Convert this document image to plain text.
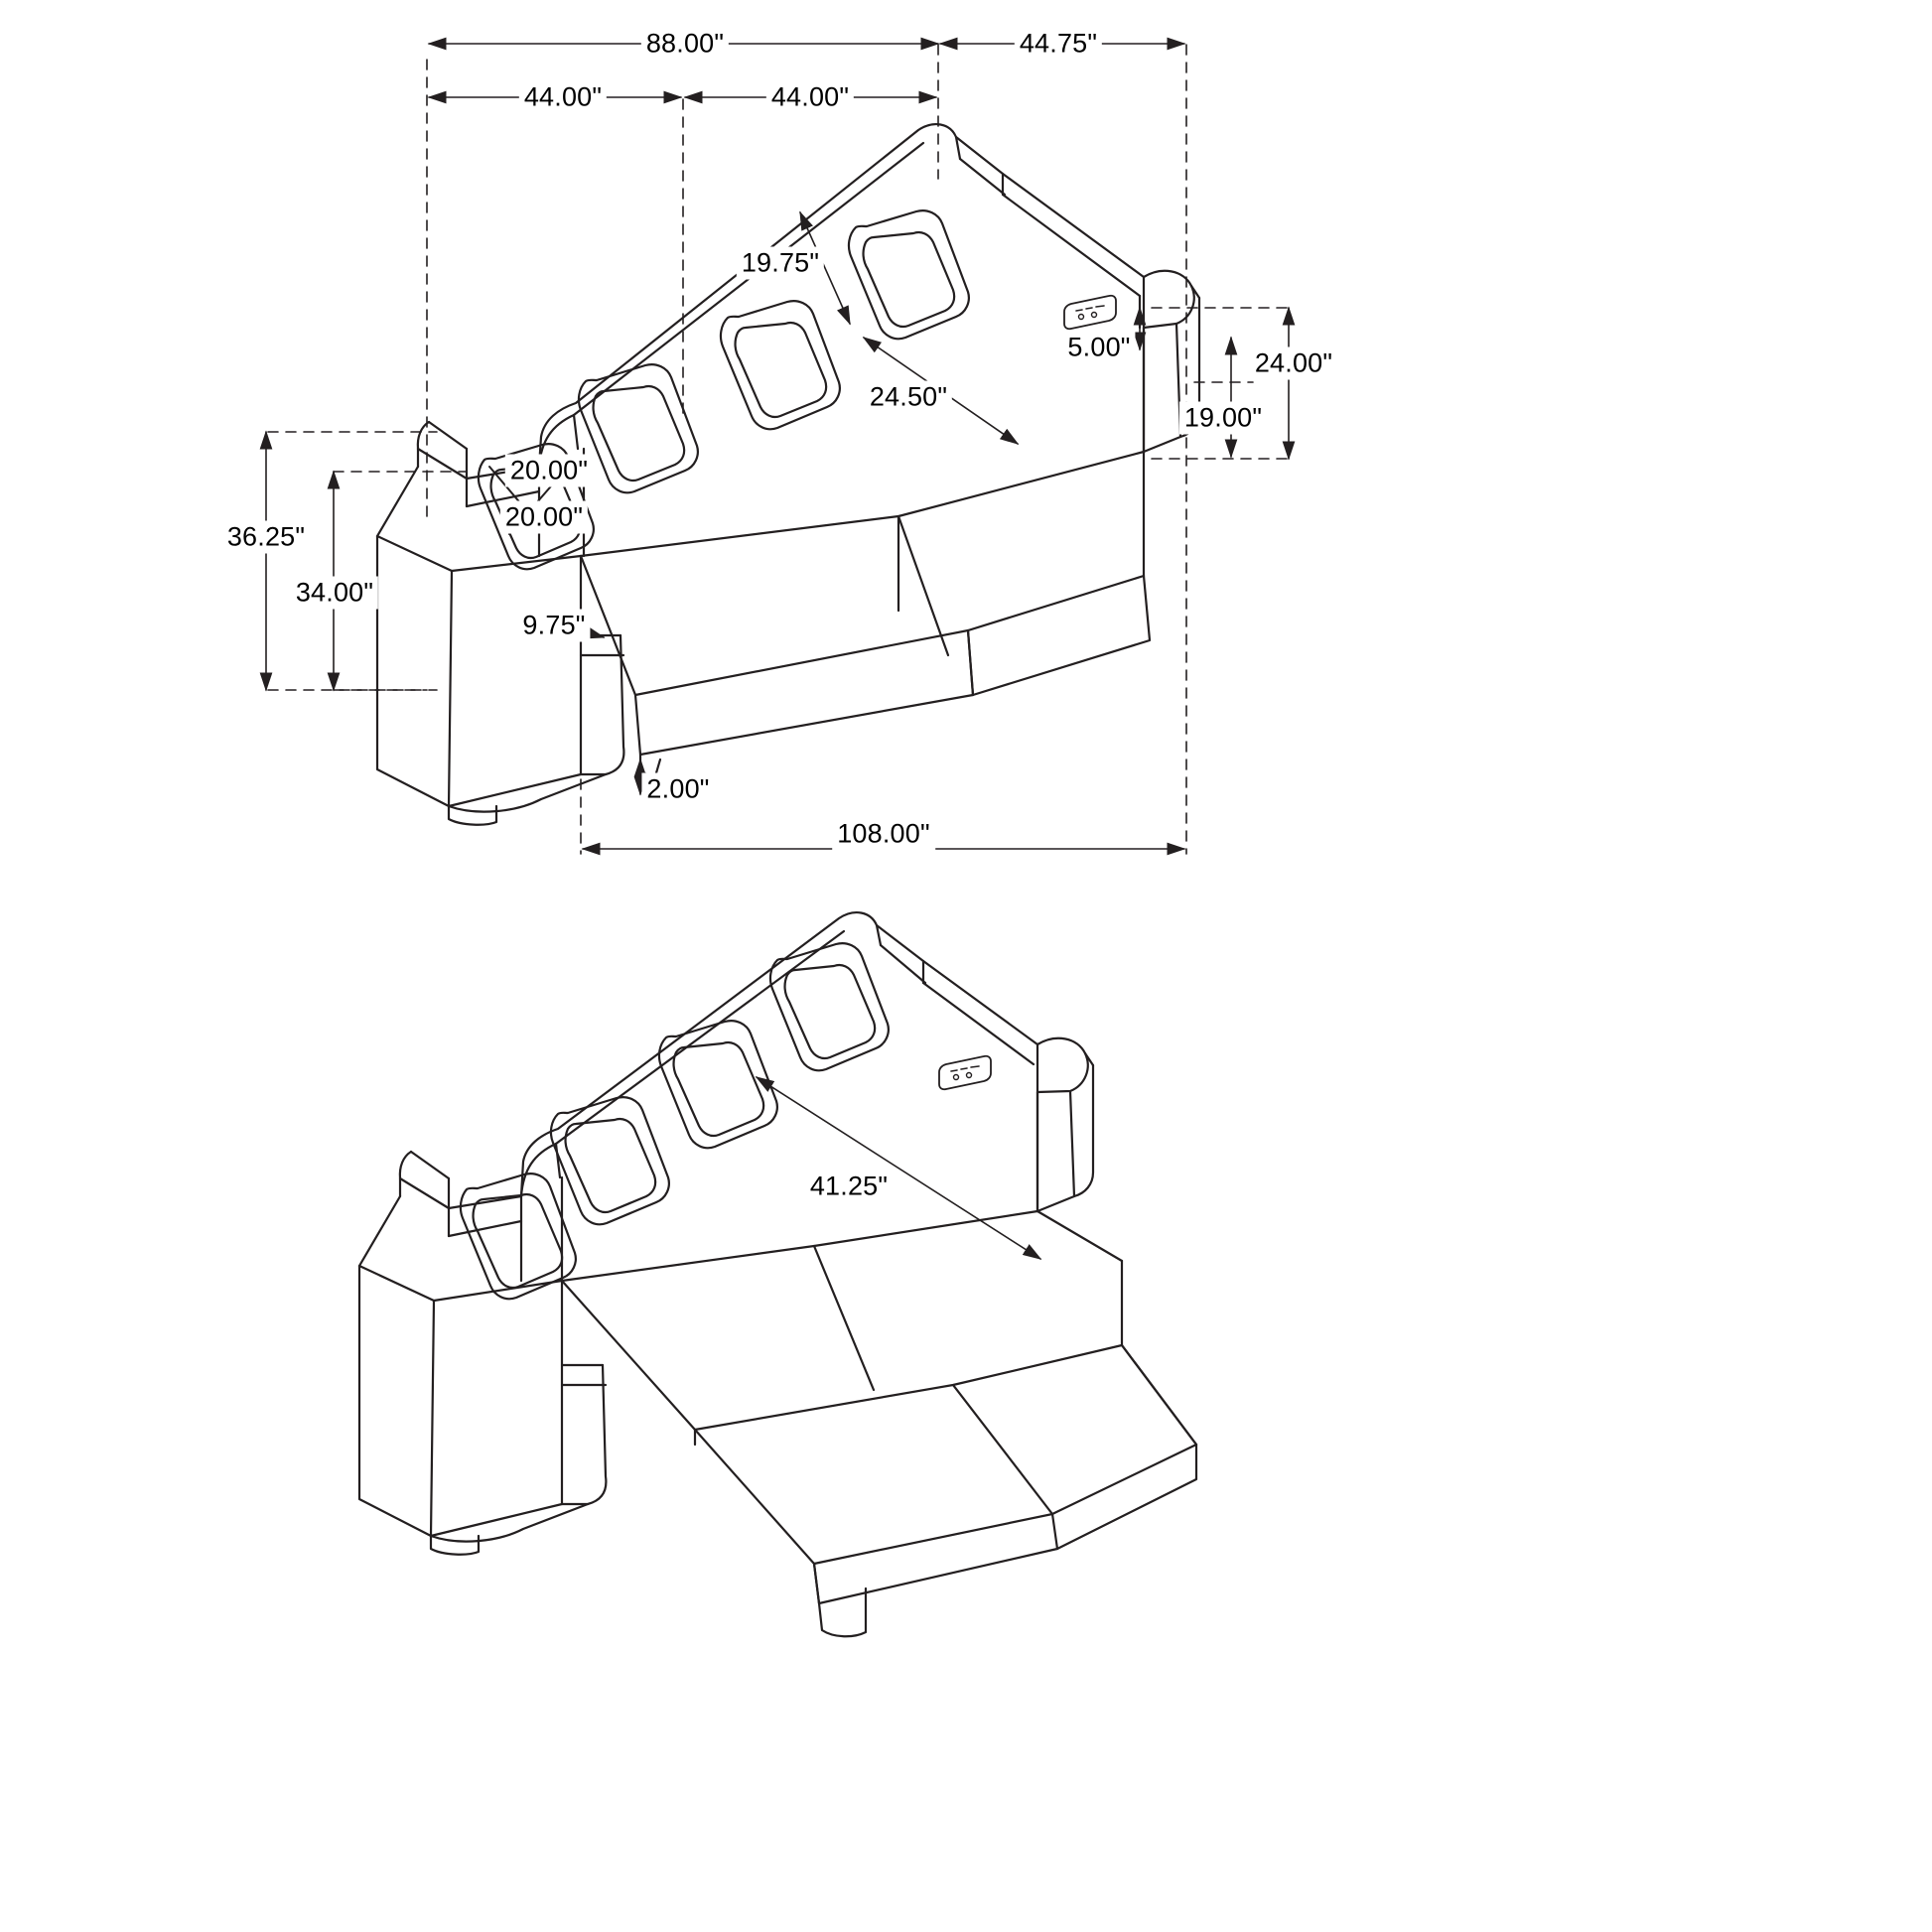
88.00"	44.75"
44.00"	44.00"
19.75"
5.00"
24.00"
24.50"
19.00"
20.00"
20.00"
36.25"
34.00"
9.75"
2.00"
108.00"
41.25"
